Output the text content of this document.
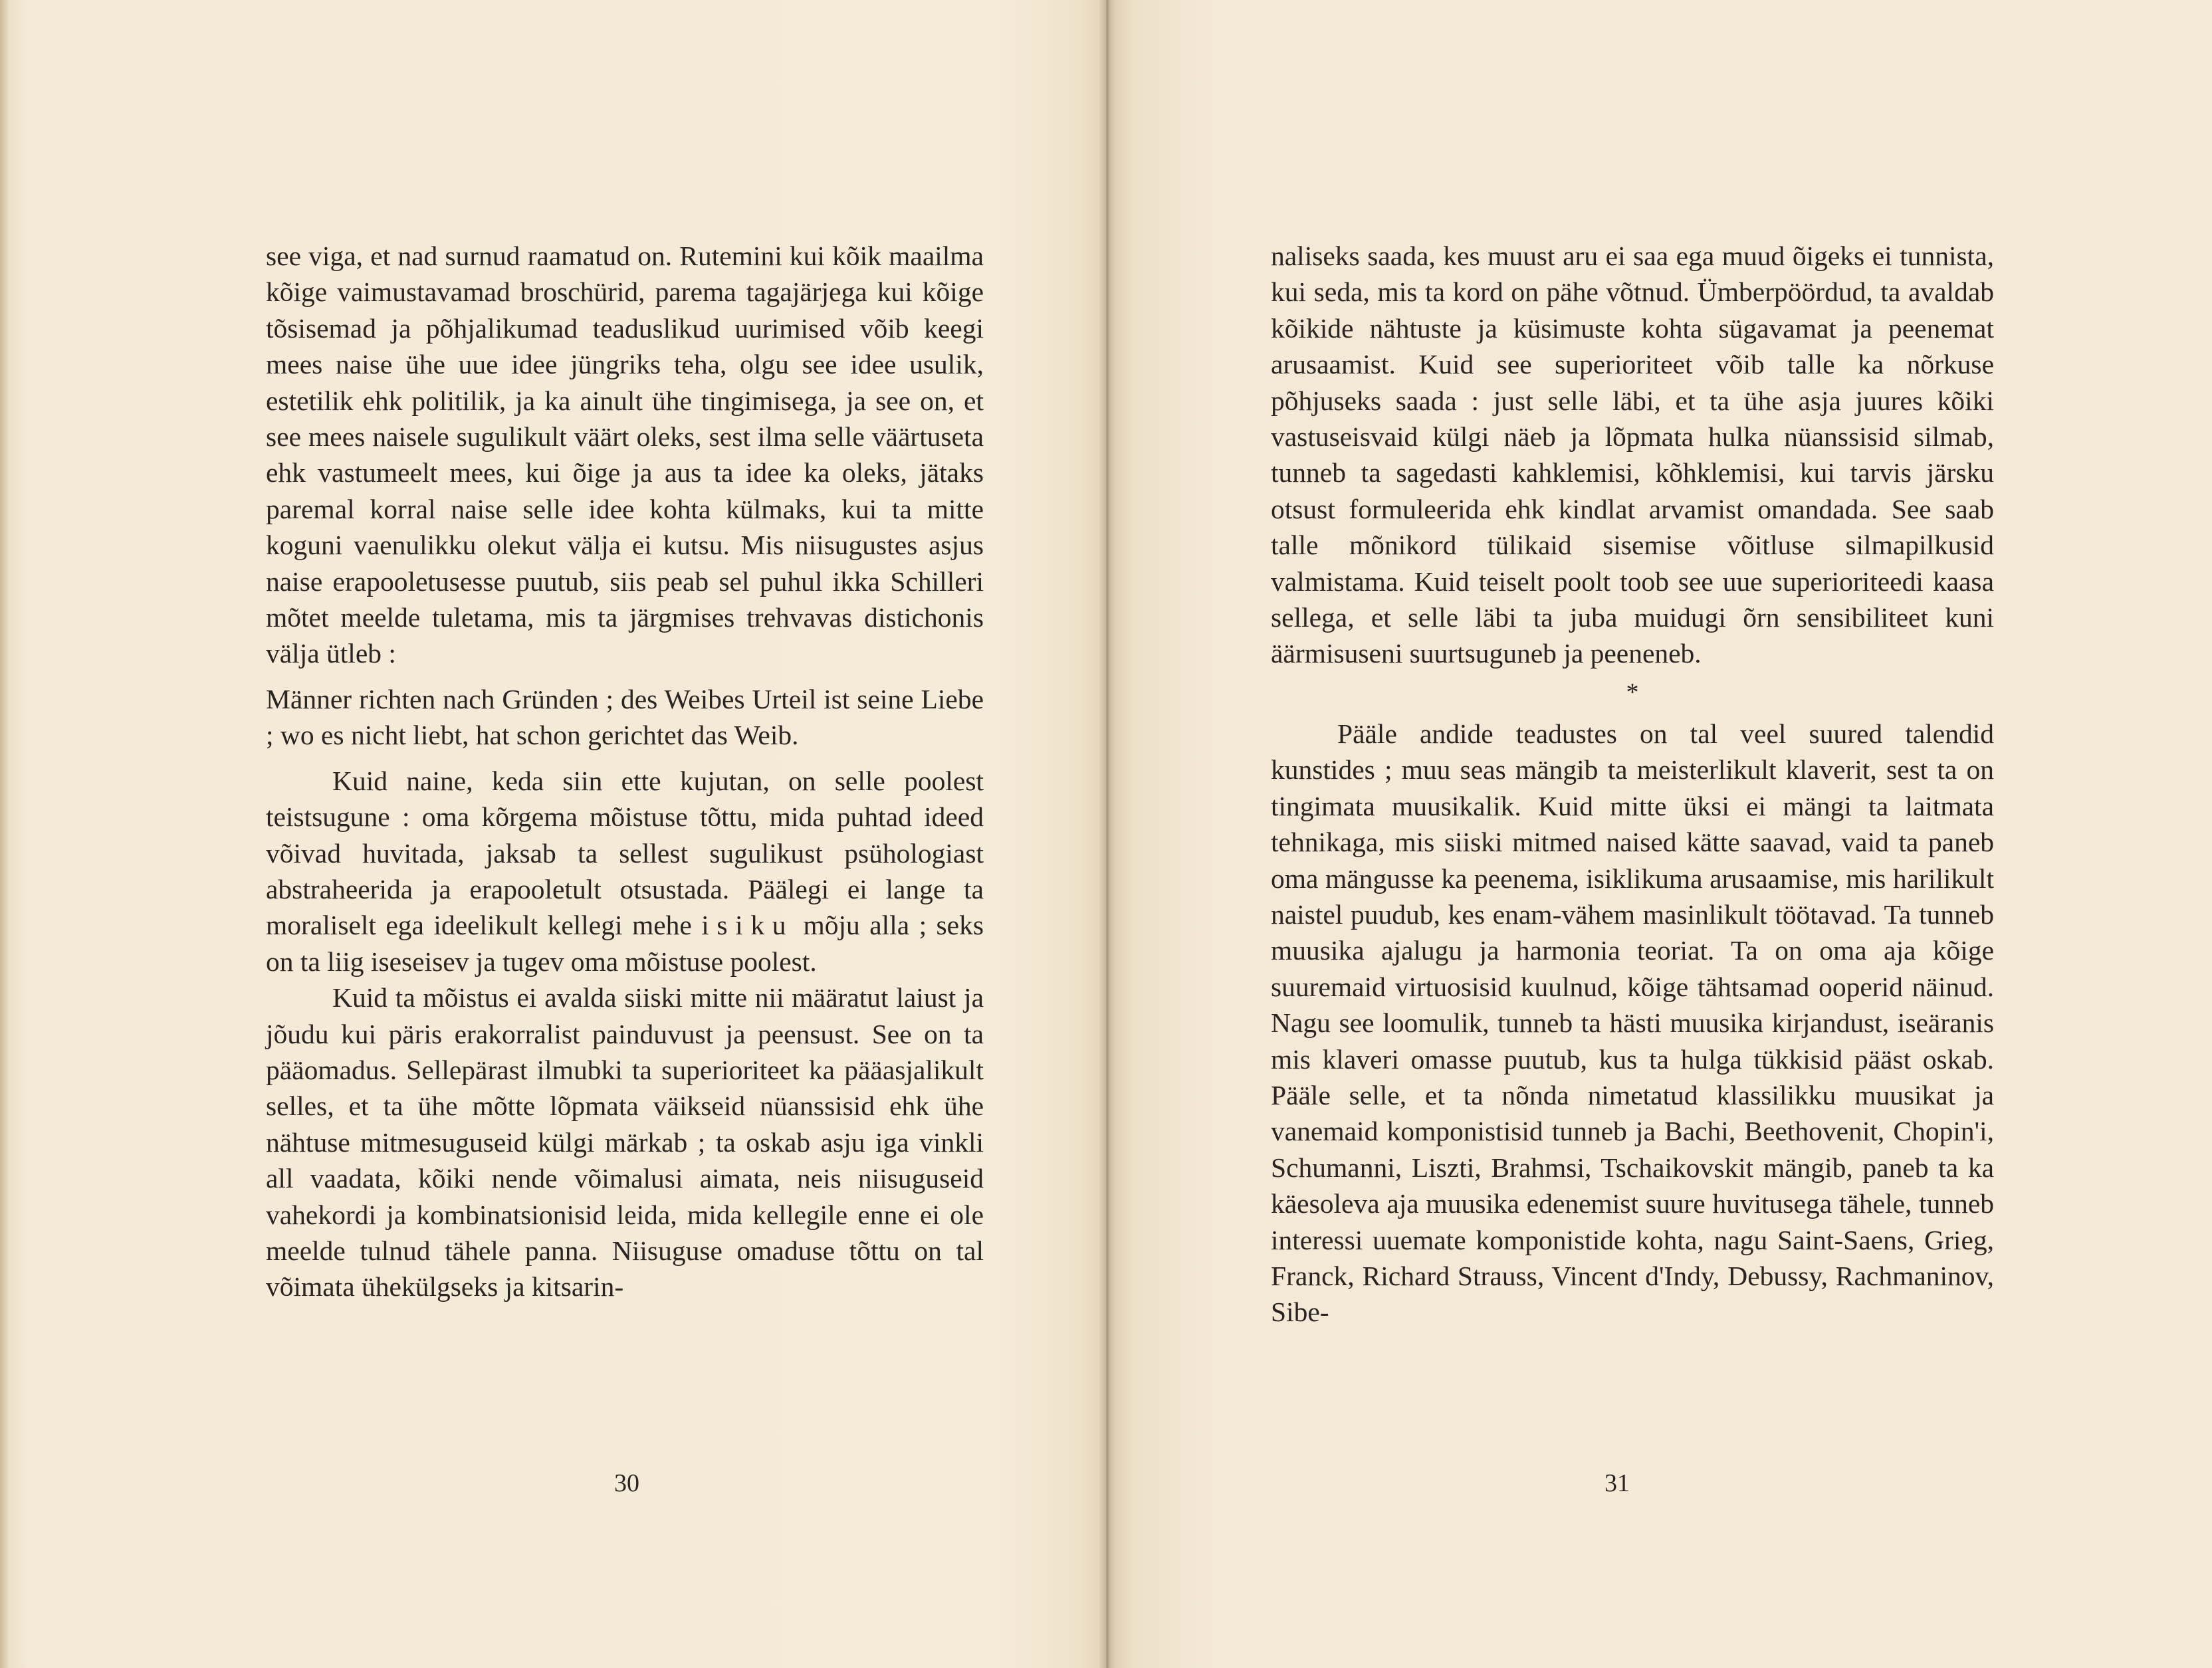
see viga, et nad surnud raamatud on. Rutemini kui kõik maailma kõige vaimustavamad broschürid, parema tagajärjega kui kõige tõsisemad ja põhjalikumad teaduslikud uurimised võib keegi mees naise ühe uue idee jüngriks teha, olgu see idee usulik, estetilik ehk politilik, ja ka ainult ühe tingimisega, ja see on, et see mees naisele sugulikult väärt oleks, sest ilma selle väärtuseta ehk vastumeelt mees, kui õige ja aus ta idee ka oleks, jätaks paremal korral naise selle idee kohta külmaks, kui ta mitte koguni vaenulikku olekut välja ei kutsu. Mis niisugustes asjus naise erapooletusesse puutub, siis peab sel puhul ikka Schilleri mõtet meelde tuletama, mis ta järgmises trehvavas distichonis välja ütleb :

Männer richten nach Gründen ; des Weibes Urteil ist seine Liebe ; wo es nicht liebt, hat schon gerichtet das Weib.

Kuid naine, keda siin ette kujutan, on selle poolest teistsugune : oma kõrgema mõistuse tõttu, mida puhtad ideed võivad huvitada, jaksab ta sellest sugulikust psühologiast abstraheerida ja erapooletult otsustada. Päälegi ei lange ta moraliselt ega ideelikult kellegi mehe isiku mõju alla ; seks on ta liig iseseisev ja tugev oma mõistuse poolest.

Kuid ta mõistus ei avalda siiski mitte nii määratut laiust ja jõudu kui päris erakorralist painduvust ja peensust. See on ta pääomadus. Sellepärast ilmubki ta superioriteet ka pääasjalikult selles, et ta ühe mõtte lõpmata väikseid nüanssisid ehk ühe nähtuse mitmesuguseid külgi märkab ; ta oskab asju iga vinkli all vaadata, kõiki nende võimalusi aimata, neis niisuguseid vahekordi ja kombinatsionisid leida, mida kellegile enne ei ole meelde tulnud tähele panna. Niisuguse omaduse tõttu on tal võimata ühekülgseks ja kitsarin-

30

naliseks saada, kes muust aru ei saa ega muud õigeks ei tunnista, kui seda, mis ta kord on pähe võtnud. Ümberpöördud, ta avaldab kõikide nähtuste ja küsimuste kohta sügavamat ja peenemat arusaamist. Kuid see superioriteet võib talle ka nõrkuse põhjuseks saada : just selle läbi, et ta ühe asja juures kõiki vastuseisvaid külgi näeb ja lõpmata hulka nüanssisid silmab, tunneb ta sagedasti kahklemisi, kõhklemisi, kui tarvis järsku otsust formuleerida ehk kindlat arvamist omandada. See saab talle mõnikord tülikaid sisemise võitluse silmapilkusid valmistama. Kuid teiselt poolt toob see uue superioriteedi kaasa sellega, et selle läbi ta juba muidugi õrn sensibiliteet kuni äärmisuseni suurtsuguneb ja peeneneb.

*

Pääle andide teadustes on tal veel suured talendid kunstides ; muu seas mängib ta meisterlikult klaverit, sest ta on tingimata muusikalik. Kuid mitte üksi ei mängi ta laitmata tehnikaga, mis siiski mitmed naised kätte saavad, vaid ta paneb oma mängusse ka peenema, isiklikuma arusaamise, mis harilikult naistel puudub, kes enam-vähem masinlikult töötavad. Ta tunneb muusika ajalugu ja harmonia teoriat. Ta on oma aja kõige suuremaid virtuosisid kuulnud, kõige tähtsamad ooperid näinud. Nagu see loomulik, tunneb ta hästi muusika kirjandust, iseäranis mis klaveri omasse puutub, kus ta hulga tükkisid pääst oskab. Pääle selle, et ta nõnda nimetatud klassilikku muusikat ja vanemaid komponistisid tunneb ja Bachi, Beethovenit, Chopin'i, Schumanni, Liszti, Brahmsi, Tschaikovskit mängib, paneb ta ka käesoleva aja muusika edenemist suure huvitusega tähele, tunneb interessi uuemate komponistide kohta, nagu Saint-Saens, Grieg, Franck, Richard Strauss, Vincent d'Indy, Debussy, Rachmaninov, Sibe-

31
